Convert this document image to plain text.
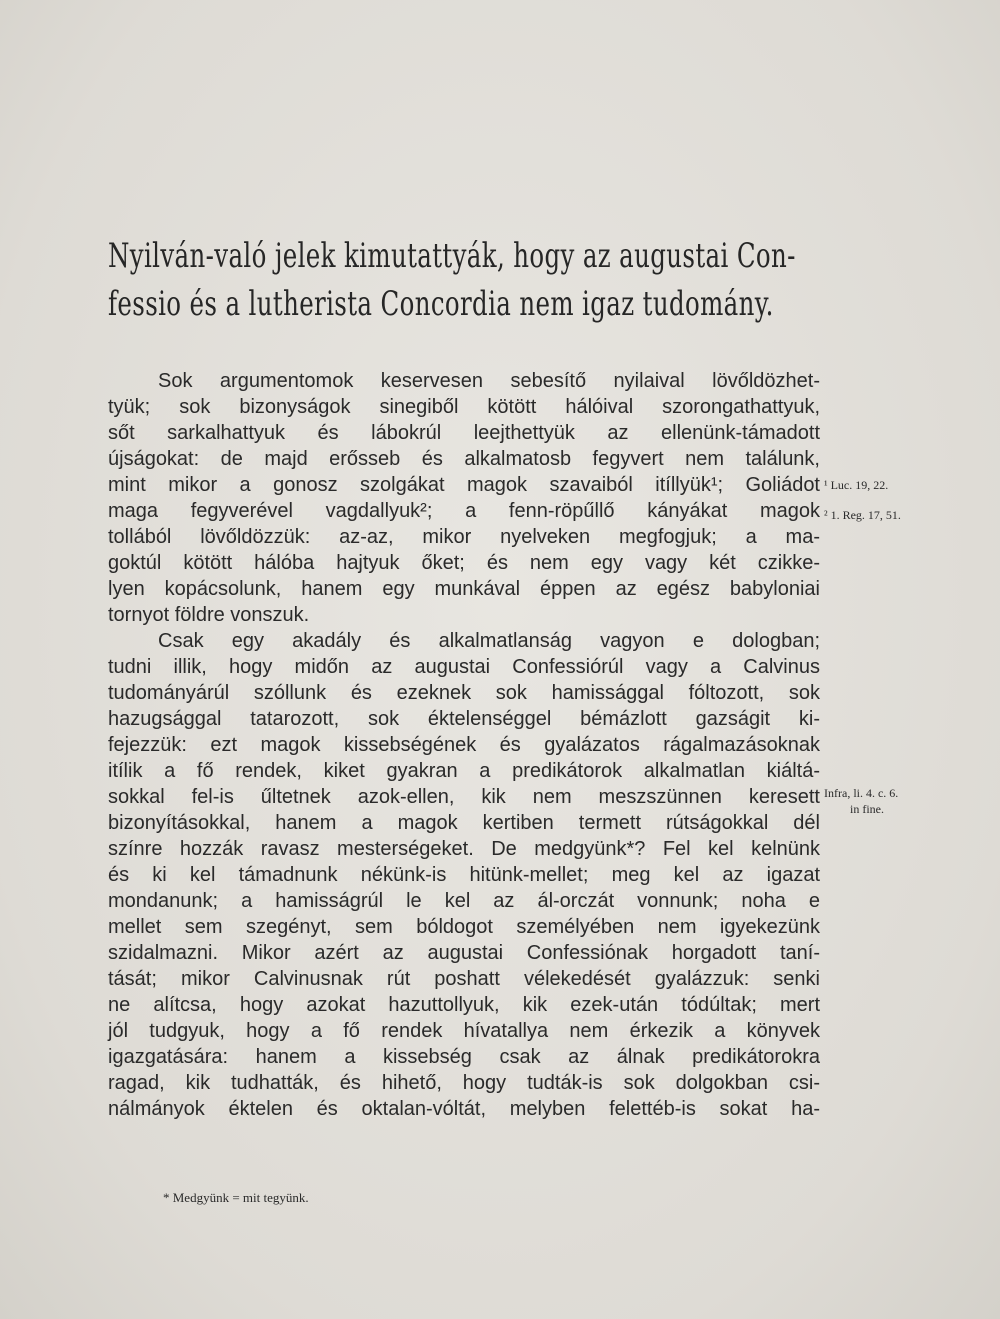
Nyilván-való jelek kimutattyák, hogy az augustai Con-
fessio és a lutherista Concordia nem igaz tudomány.
Sok argumentomok keservesen sebesítő nyilaival lövőldözhet-
tyük; sok bizonyságok sinegiből kötött hálóival szorongathattyuk,
sőt sarkalhattyuk és lábokrúl leejthettyük az ellenünk-támadott
újságokat: de majd erősseb és alkalmatosb fegyvert nem találunk,
mint mikor a gonosz szolgákat magok szavaiból itíllyük¹; Goliádot
maga fegyverével vagdallyuk²; a fenn-röpűllő kányákat magok
tollából lövőldözzük: az-az, mikor nyelveken megfogjuk; a ma-
goktúl kötött hálóba hajtyuk őket; és nem egy vagy két czikke-
lyen kopácsolunk, hanem egy munkával éppen az egész babyloniai
tornyot földre vonszuk.
Csak egy akadály és alkalmatlanság vagyon e dologban;
tudni illik, hogy midőn az augustai Confessiórúl vagy a Calvinus
tudományárúl szóllunk és ezeknek sok hamissággal fóltozott, sok
hazugsággal tatarozott, sok éktelenséggel bémázlott gazságit ki-
fejezzük: ezt magok kissebségének és gyalázatos rágalmazásoknak
itílik a fő rendek, kiket gyakran a predikátorok alkalmatlan kiáltá-
sokkal fel-is űltetnek azok-ellen, kik nem meszszünnen keresett
bizonyításokkal, hanem a magok kertiben termett rútságokkal dél
színre hozzák ravasz mesterségeket. De medgyünk*? Fel kel kelnünk
és ki kel támadnunk nékünk-is hitünk-mellet; meg kel az igazat
mondanunk; a hamisságrúl le kel az ál-orczát vonnunk; noha e
mellet sem szegényt, sem bóldogot személyében nem igyekezünk
szidalmazni. Mikor azért az augustai Confessiónak horgadott taní-
tását; mikor Calvinusnak rút poshatt vélekedését gyalázzuk: senki
ne alítcsa, hogy azokat hazuttollyuk, kik ezek-után tódúltak; mert
jól tudgyuk, hogy a fő rendek hívatallya nem érkezik a könyvek
igazgatására: hanem a kissebség csak az álnak predikátorokra
ragad, kik tudhatták, és hihető, hogy tudták-is sok dolgokban csi-
nálmányok éktelen és oktalan-vóltát, melyben felettéb-is sokat ha-
¹ Luc. 19, 22.
² 1. Reg. 17, 51.
Infra, li. 4. c. 6.
in fine.
* Medgyünk = mit tegyünk.
